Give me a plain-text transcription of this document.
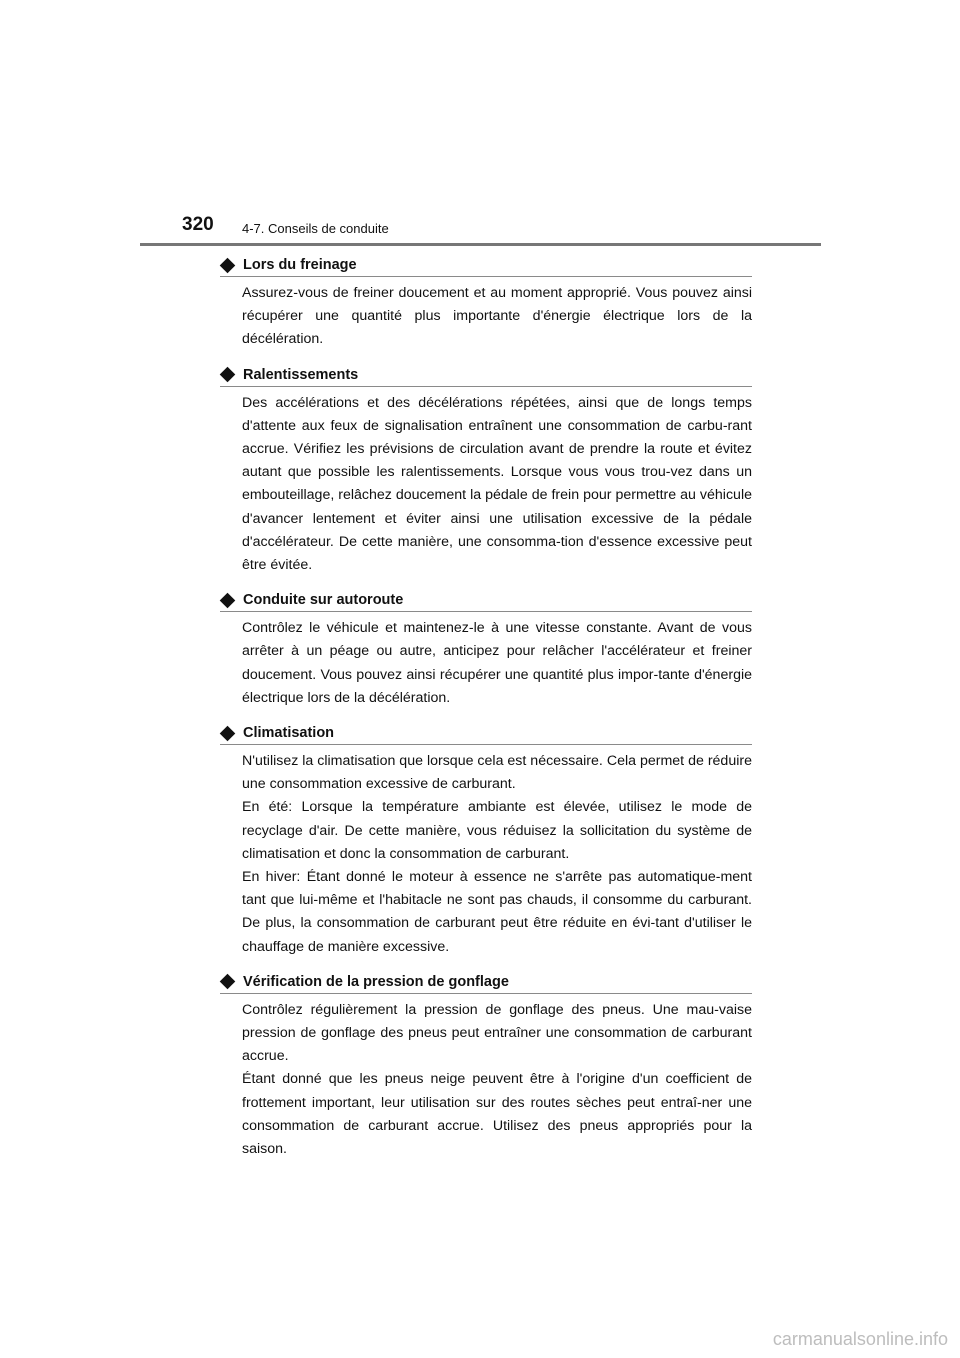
320 4-7. Conseils de conduite
Lors du freinage

Assurez-vous de freiner doucement et au moment approprié. Vous pouvez ainsi récupérer une quantité plus importante d'énergie électrique lors de la décélération.

Ralentissements

Des accélérations et des décélérations répétées, ainsi que de longs temps d'attente aux feux de signalisation entraînent une consommation de carbu-rant accrue. Vérifiez les prévisions de circulation avant de prendre la route et évitez autant que possible les ralentissements. Lorsque vous vous trou-vez dans un embouteillage, relâchez doucement la pédale de frein pour permettre au véhicule d'avancer lentement et éviter ainsi une utilisation excessive de la pédale d'accélérateur. De cette manière, une consomma-tion d'essence excessive peut être évitée.

Conduite sur autoroute

Contrôlez le véhicule et maintenez-le à une vitesse constante. Avant de vous arrêter à un péage ou autre, anticipez pour relâcher l'accélérateur et freiner doucement. Vous pouvez ainsi récupérer une quantité plus impor-tante d'énergie électrique lors de la décélération.

Climatisation

N'utilisez la climatisation que lorsque cela est nécessaire. Cela permet de réduire une consommation excessive de carburant.

En été: Lorsque la température ambiante est élevée, utilisez le mode de recyclage d'air. De cette manière, vous réduisez la sollicitation du système de climatisation et donc la consommation de carburant.

En hiver: Étant donné le moteur à essence ne s'arrête pas automatique-ment tant que lui-même et l'habitacle ne sont pas chauds, il consomme du carburant. De plus, la consommation de carburant peut être réduite en évi-tant d'utiliser le chauffage de manière excessive.

Vérification de la pression de gonflage

Contrôlez régulièrement la pression de gonflage des pneus. Une mau-vaise pression de gonflage des pneus peut entraîner une consommation de carburant accrue.

Étant donné que les pneus neige peuvent être à l'origine d'un coefficient de frottement important, leur utilisation sur des routes sèches peut entraî-ner une consommation de carburant accrue. Utilisez des pneus appropriés pour la saison.

carmanualsonline.info
